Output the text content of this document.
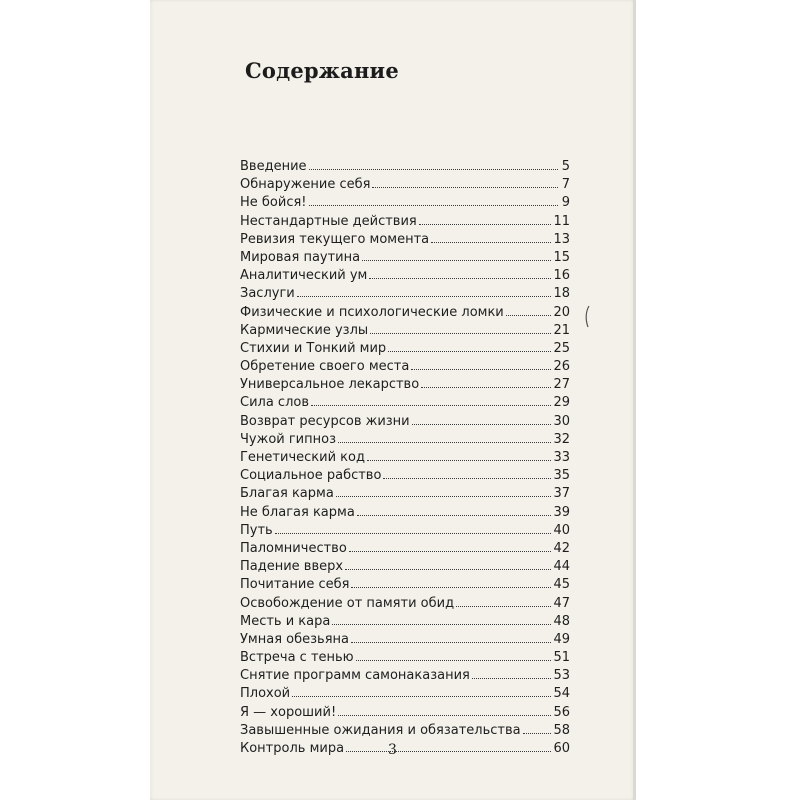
Содержание
Введение	5
Обнаружение себя	7
Не бойся!	9
Нестандартные действия	11
Ревизия текущего момента	13
Мировая паутина	15
Аналитический ум	16
Заслуги	18
Физические и психологические ломки	20
Кармические узлы	21
Стихии и Тонкий мир	25
Обретение своего места	26
Универсальное лекарство	27
Сила слов	29
Возврат ресурсов жизни	30
Чужой гипноз	32
Генетический код	33
Социальное рабство	35
Благая карма	37
Не благая карма	39
Путь	40
Паломничество	42
Падение вверх	44
Почитание себя	45
Освобождение от памяти обид	47
Месть и кара	48
Умная обезьяна	49
Встреча с тенью	51
Снятие программ самонаказания	53
Плохой	54
Я — хороший!	56
Завышенные ожидания и обязательства	58
Контроль мира	60
3
